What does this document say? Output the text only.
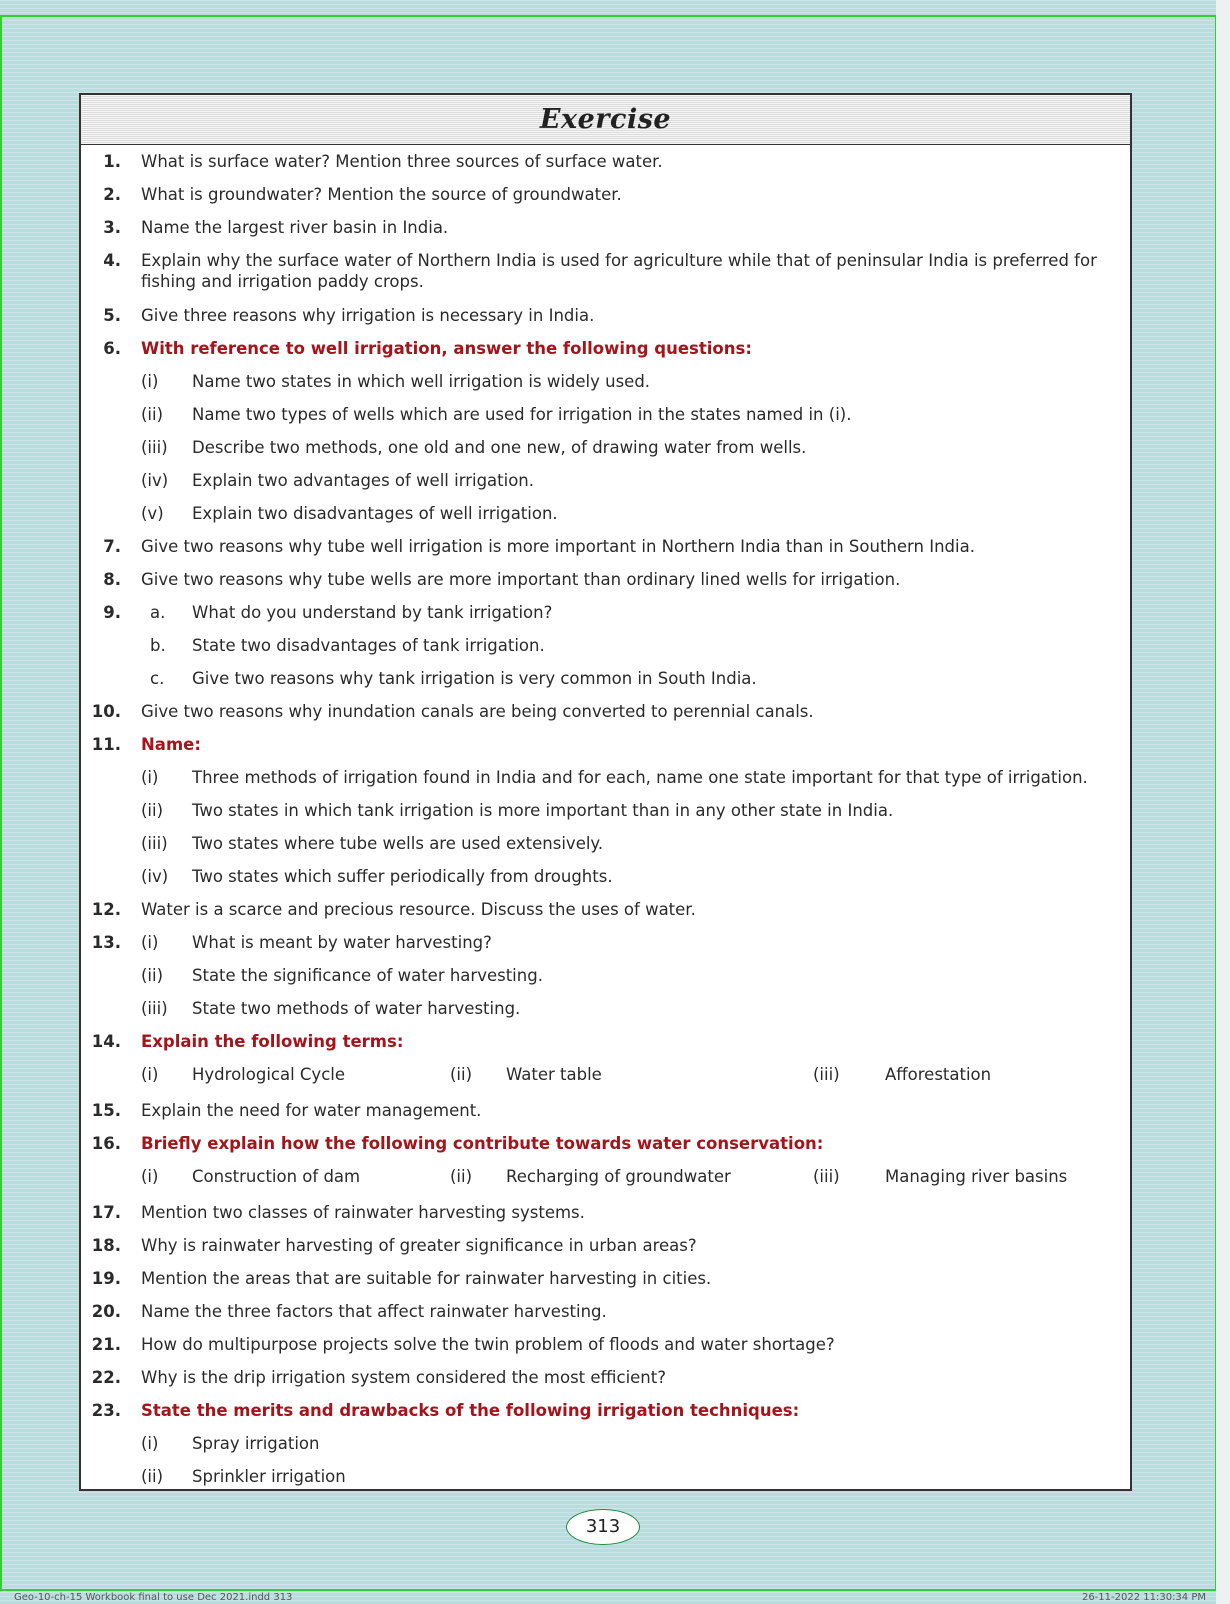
Exercise
1. What is surface water? Mention three sources of surface water.
2. What is groundwater? Mention the source of groundwater.
3. Name the largest river basin in India.
4. Explain why the surface water of Northern India is used for agriculture while that of peninsular India is preferred for fishing and irrigation paddy crops.
5. Give three reasons why irrigation is necessary in India.
6. With reference to well irrigation, answer the following questions:
(i) Name two states in which well irrigation is widely used.
(ii) Name two types of wells which are used for irrigation in the states named in (i).
(iii) Describe two methods, one old and one new, of drawing water from wells.
(iv) Explain two advantages of well irrigation.
(v) Explain two disadvantages of well irrigation.
7. Give two reasons why tube well irrigation is more important in Northern India than in Southern India.
8. Give two reasons why tube wells are more important than ordinary lined wells for irrigation.
9. a. What do you understand by tank irrigation?
b. State two disadvantages of tank irrigation.
c. Give two reasons why tank irrigation is very common in South India.
10. Give two reasons why inundation canals are being converted to perennial canals.
11. Name:
(i) Three methods of irrigation found in India and for each, name one state important for that type of irrigation.
(ii) Two states in which tank irrigation is more important than in any other state in India.
(iii) Two states where tube wells are used extensively.
(iv) Two states which suffer periodically from droughts.
12. Water is a scarce and precious resource. Discuss the uses of water.
13. (i) What is meant by water harvesting?
(ii) State the significance of water harvesting.
(iii) State two methods of water harvesting.
14. Explain the following terms:
(i) Hydrological Cycle	(ii) Water table	(iii)	Afforestation
15. Explain the need for water management.
16. Briefly explain how the following contribute towards water conservation:
(i) Construction of dam	(ii) Recharging of groundwater	(iii)	Managing river basins
17. Mention two classes of rainwater harvesting systems.
18. Why is rainwater harvesting of greater significance in urban areas?
19. Mention the areas that are suitable for rainwater harvesting in cities.
20. Name the three factors that affect rainwater harvesting.
21. How do multipurpose projects solve the twin problem of floods and water shortage?
22. Why is the drip irrigation system considered the most efficient?
23. State the merits and drawbacks of the following irrigation techniques:
(i) Spray irrigation
(ii) Sprinkler irrigation
313
Geo-10-ch-15 Workbook final to use Dec 2021.indd 313	26-11-2022 11:30:34 PM
